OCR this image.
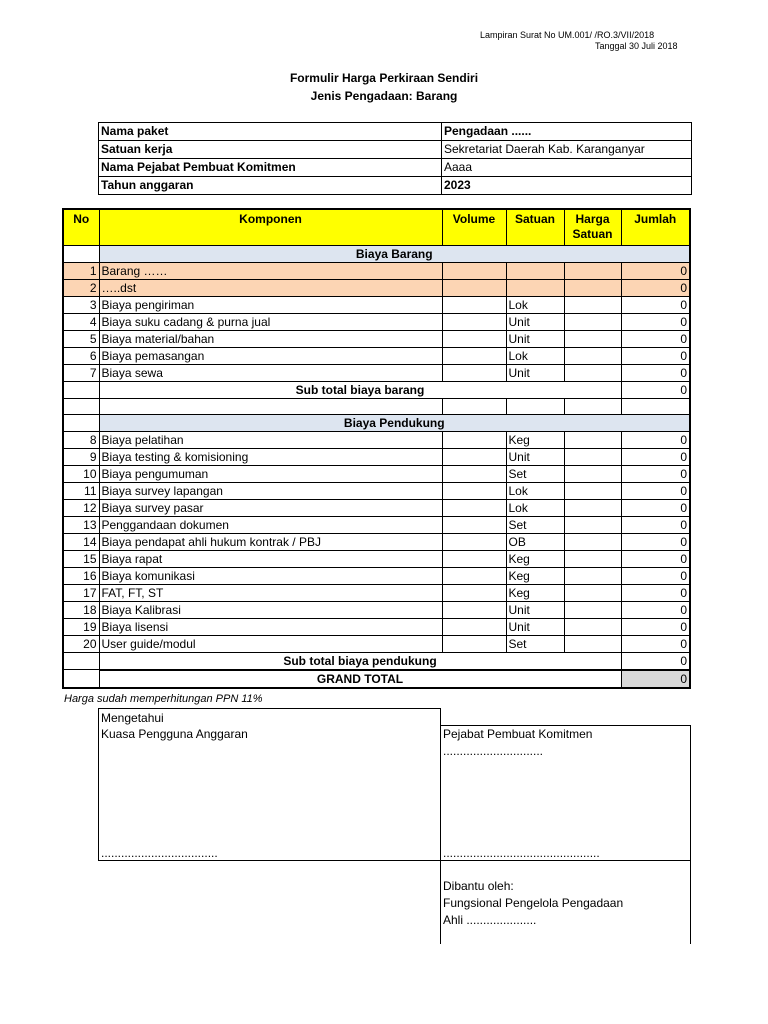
Lampiran Surat No UM.001/ /RO.3/VII/2018
Tanggal 30 Juli 2018
Formulir Harga Perkiraan Sendiri
Jenis Pengadaan: Barang
Nama paket	Pengadaan ......
Satuan kerja	Sekretariat Daerah Kab. Karanganyar
Nama Pejabat Pembuat Komitmen	Aaaa
Tahun anggaran	2023
No	Komponen	Volume	Satuan	Harga Satuan	Jumlah
	Biaya Barang				
1	Barang ……				0
2	…..dst				0
3	Biaya pengiriman		Lok		0
4	Biaya suku cadang & purna jual		Unit		0
5	Biaya material/bahan		Unit		0
6	Biaya pemasangan		Lok		0
7	Biaya sewa		Unit		0
	Sub total biaya barang				0

	Biaya Pendukung				
8	Biaya pelatihan		Keg		0
9	Biaya testing & komisioning		Unit		0
10	Biaya pengumuman		Set		0
11	Biaya survey lapangan		Lok		0
12	Biaya survey pasar		Lok		0
13	Penggandaan dokumen		Set		0
14	Biaya pendapat ahli hukum kontrak / PBJ		OB		0
15	Biaya rapat		Keg		0
16	Biaya komunikasi		Keg		0
17	FAT, FT, ST		Keg		0
18	Biaya Kalibrasi		Unit		0
19	Biaya lisensi		Unit		0
20	User guide/modul		Set		0
	Sub total biaya pendukung				0
	GRAND TOTAL				0
Harga sudah memperhitungan PPN 11%
Mengetahui
Kuasa Pengguna Anggaran
...................................
Pejabat Pembuat Komitmen
..............................
...............................................
Dibantu oleh:
Fungsional Pengelola Pengadaan
Ahli .....................
